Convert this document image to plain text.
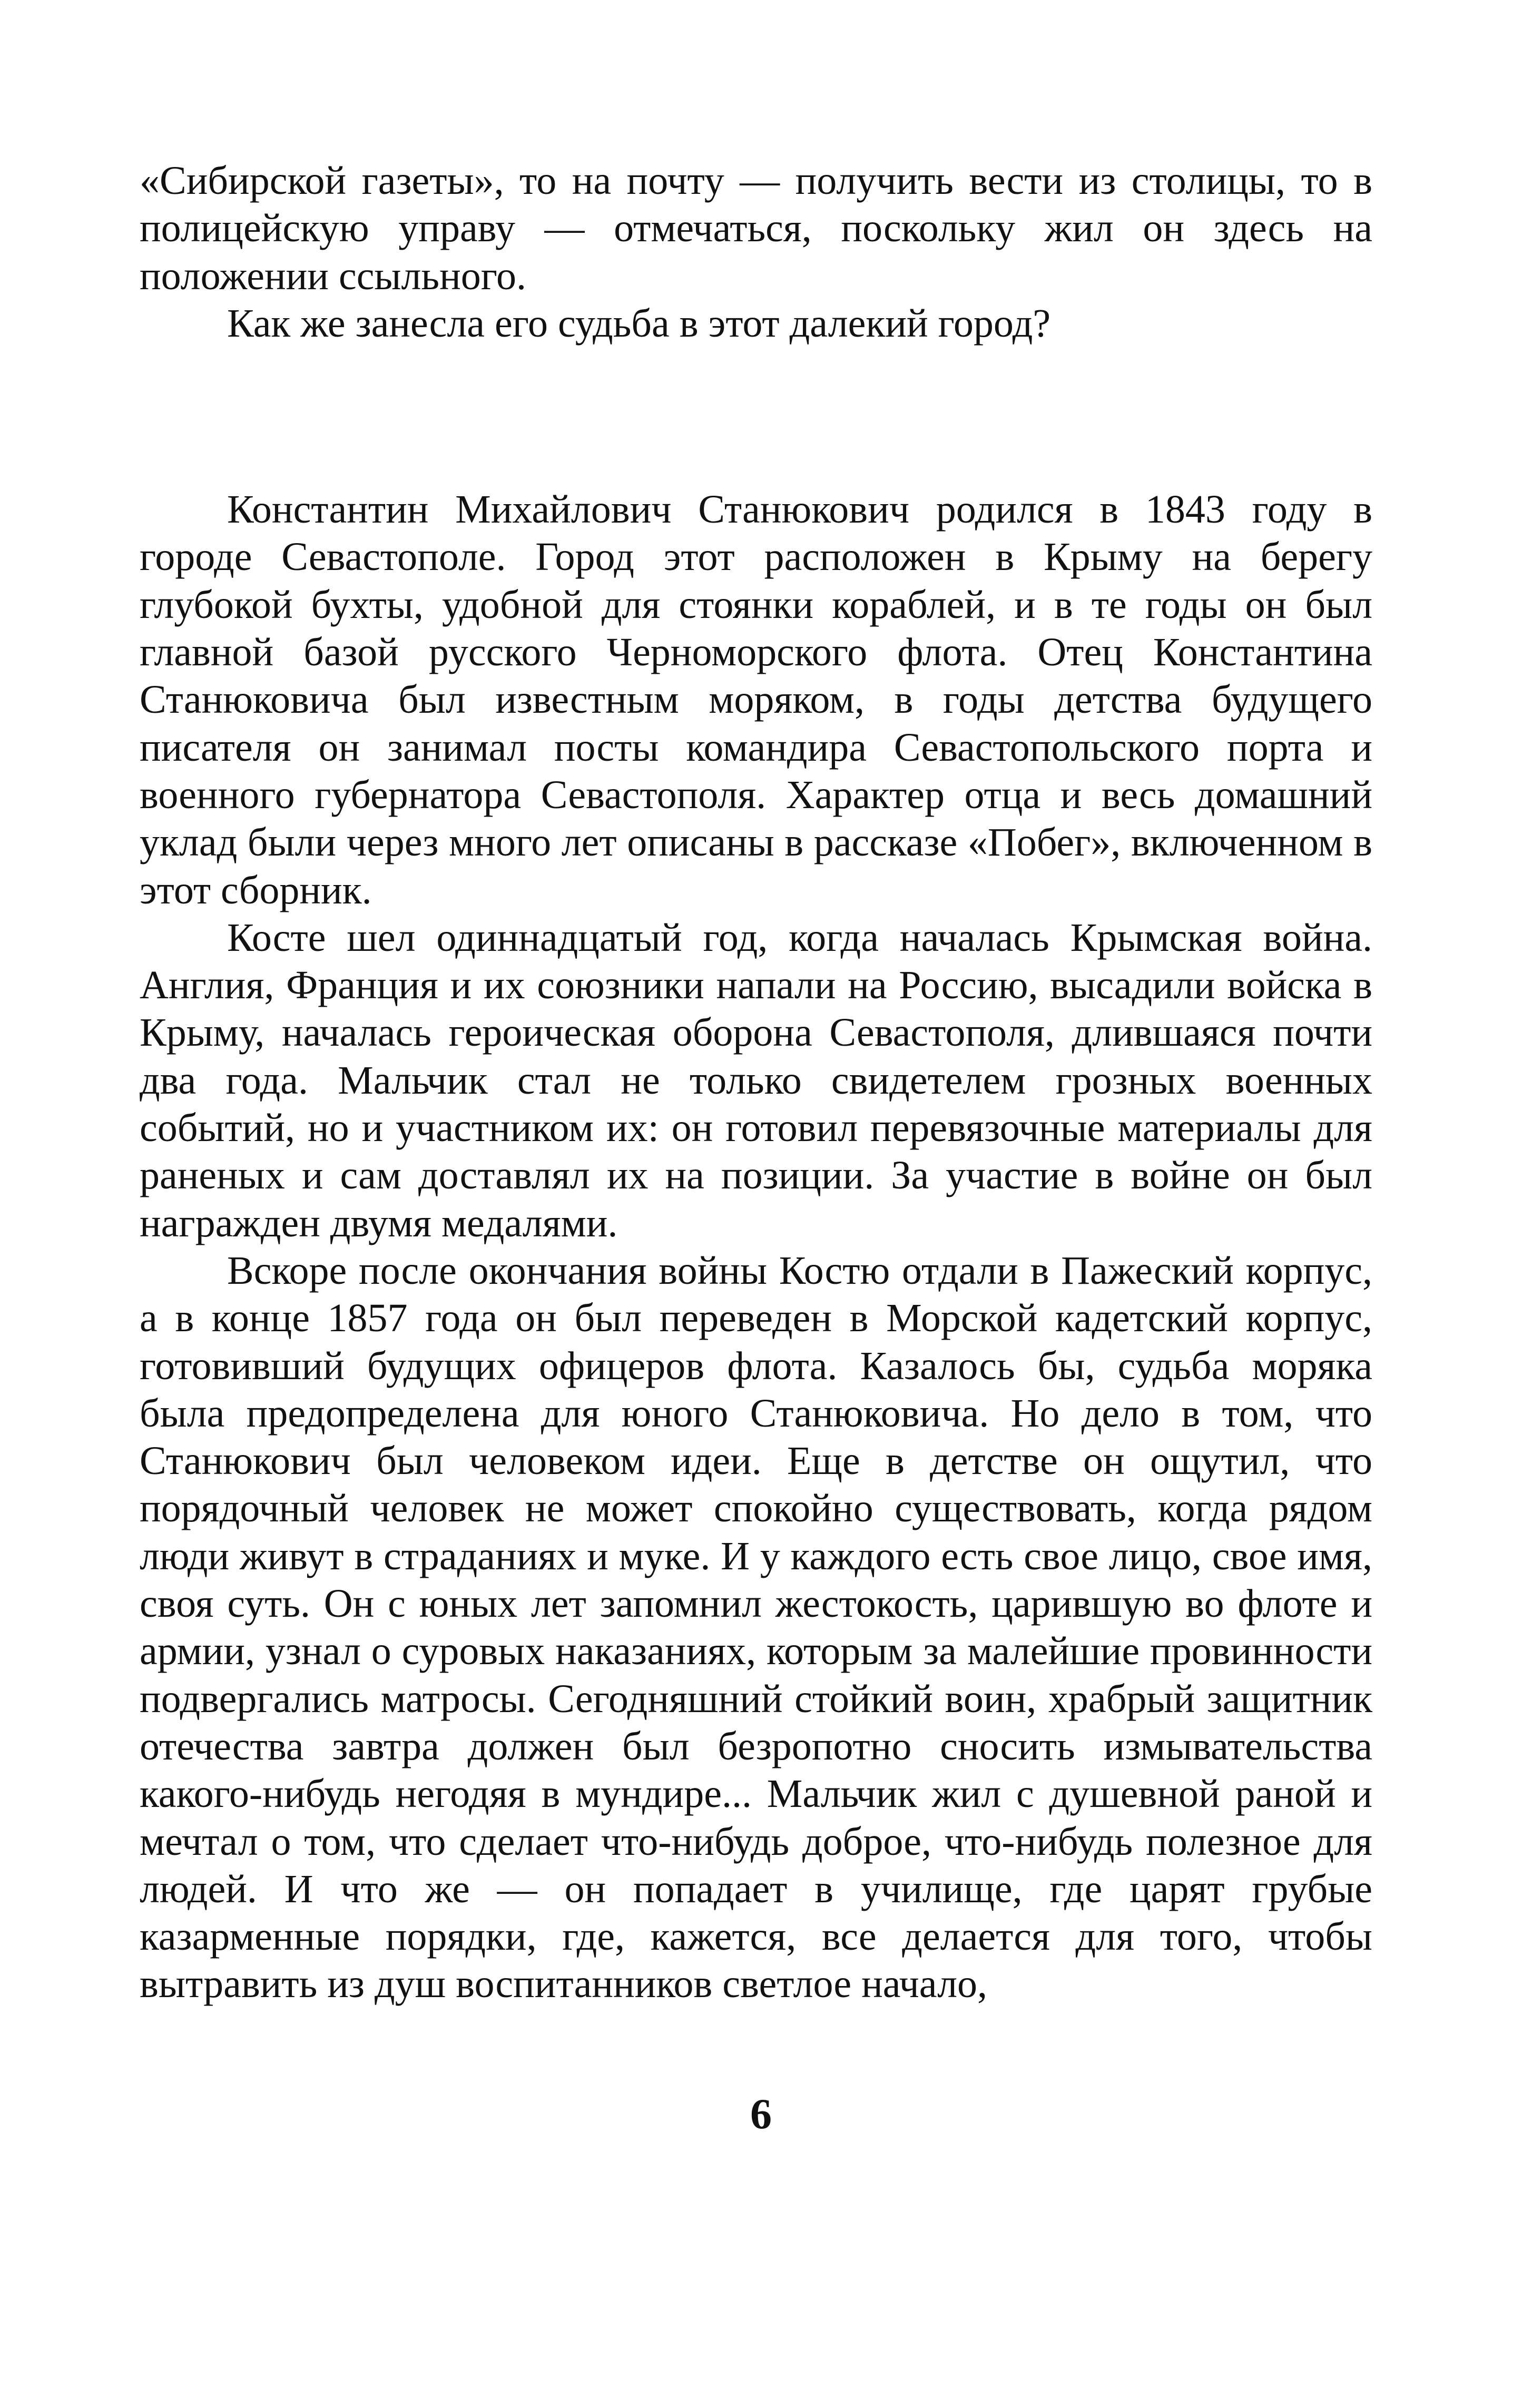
«Сибирской газеты», то на почту — получить вести из столицы, то в полицейскую управу — отмечаться, поскольку жил он здесь на положении ссыльного.

Как же занесла его судьба в этот далекий город?

Константин Михайлович Станюкович родился в 1843 году в городе Севастополе. Город этот расположен в Крыму на берегу глубокой бухты, удобной для стоянки кораблей, и в те годы он был главной базой русского Черноморского флота. Отец Константина Станюковича был известным моряком, в годы детства будущего писателя он занимал посты командира Севастопольского порта и военного губернатора Севастополя. Характер отца и весь домашний уклад были через много лет описаны в рассказе «Побег», включенном в этот сборник.

Косте шел одиннадцатый год, когда началась Крымская война. Англия, Франция и их союзники напали на Россию, высадили войска в Крыму, началась героическая оборона Севастополя, длившаяся почти два года. Мальчик стал не только свидетелем грозных военных событий, но и участником их: он готовил перевязочные материалы для раненых и сам доставлял их на позиции. За участие в войне он был награжден двумя медалями.

Вскоре после окончания войны Костю отдали в Пажеский корпус, а в конце 1857 года он был переведен в Морской кадетский корпус, готовивший будущих офицеров флота. Казалось бы, судьба моряка была предопределена для юного Станюковича. Но дело в том, что Станюкович был человеком идеи. Еще в детстве он ощутил, что порядочный человек не может спокойно существовать, когда рядом люди живут в страданиях и муке. И у каждого есть свое лицо, свое имя, своя суть. Он с юных лет запомнил жестокость, царившую во флоте и армии, узнал о суровых наказаниях, которым за малейшие провинности подвергались матросы. Сегодняшний стойкий воин, храбрый защитник отечества завтра должен был безропотно сносить измывательства какого-нибудь негодяя в мундире... Мальчик жил с душевной раной и мечтал о том, что сделает что-нибудь доброе, что-нибудь полезное для людей. И что же — он попадает в училище, где царят грубые казарменные порядки, где, кажется, все делается для того, чтобы вытравить из душ воспитанников светлое начало,

6
